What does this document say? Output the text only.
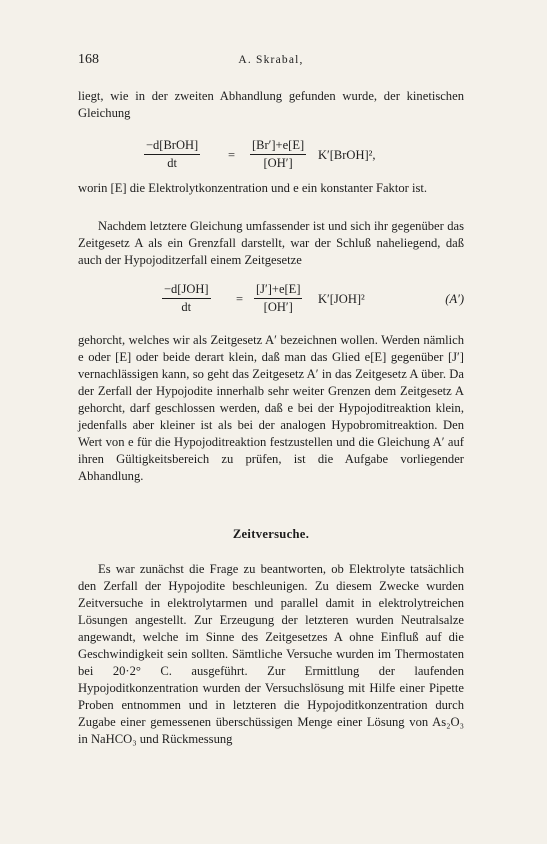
168	A. Skrabal,

liegt, wie in der zweiten Abhandlung gefunden wurde, der kinetischen Gleichung

−d[BrOH]
dt
= $\frac{[Br']+e[E]}{[OH']}$ K′[BrOH]²,

worin [E] die Elektrolytkonzentration und e ein konstanter Faktor ist.

Nachdem letztere Gleichung umfassender ist und sich ihr gegenüber das Zeitgesetz A als ein Grenzfall darstellt, war der Schluß naheliegend, daß auch der Hypojoditzerfall einem Zeitgesetze

−d[JOH]
dt
= $\frac{[J']+e[E]}{[OH']} K'[JOH]^2$	(A′)

gehorcht, welches wir als Zeitgesetz A′ bezeichnen wollen. Werden nämlich e oder [E] oder beide derart klein, daß man das Glied e[E] gegenüber [J′] vernachlässigen kann, so geht das Zeitgesetz A′ in das Zeitgesetz A über. Da der Zerfall der Hypojodite innerhalb sehr weiter Grenzen dem Zeitgesetz A gehorcht, darf geschlossen werden, daß e bei der Hypojoditreaktion klein, jedenfalls aber kleiner ist als bei der analogen Hypobromitreaktion. Den Wert von e für die Hypojoditreaktion festzustellen und die Gleichung A′ auf ihren Gültigkeitsbereich zu prüfen, ist die Aufgabe vorliegender Abhandlung.

Zeitversuche.

Es war zunächst die Frage zu beantworten, ob Elektrolyte tatsächlich den Zerfall der Hypojodite beschleunigen. Zu diesem Zwecke wurden Zeitversuche in elektrolytarmen und parallel damit in elektrolytreichen Lösungen angestellt. Zur Erzeugung der letzteren wurden Neutralsalze angewandt, welche im Sinne des Zeitgesetzes A ohne Einfluß auf die Geschwindigkeit sein sollten. Sämtliche Versuche wurden im Thermostaten bei 20·2° C. ausgeführt. Zur Ermittlung der laufenden Hypojoditkonzentration wurden der Versuchslösung mit Hilfe einer Pipette Proben entnommen und in letzteren die Hypojoditkonzentration durch Zugabe einer gemessenen überschüssigen Menge einer Lösung von As₂O₃ in NaHCO₃ und Rückmessung
